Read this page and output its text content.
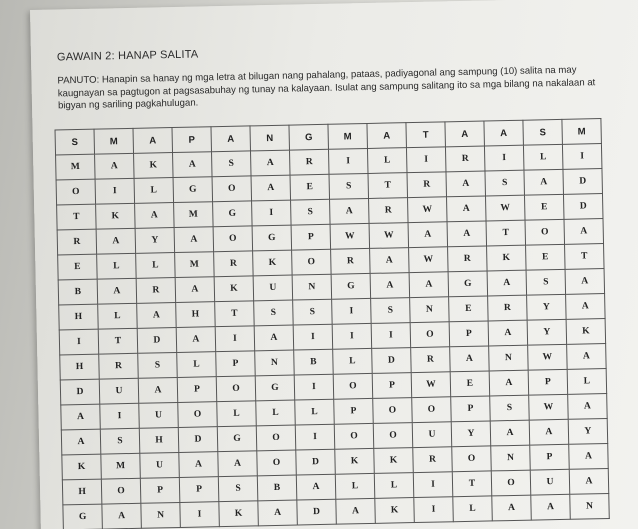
GAWAIN 2: HANAP SALITA

PANUTO: Hanapin sa hanay ng mga letra at bilugan nang pahalang, pataas, padiyagonal ang sampung (10) salita na may kaugnayan sa pagtugon at pagsasabuhay ng tunay na kalayaan. Isulat ang sampung salitang ito sa mga bilang na nakalaan at bigyan ng sariling pagkahulugan.

S	M	A	P	A	N	G	M	A	T	A	A	S	M
M	A	K	A	S	A	R	I	L	I	R	I	L	I
O	I	L	G	O	A	E	S	T	R	A	S	A	D
T	K	A	M	G	I	S	A	R	W	A	W	E	D
R	A	Y	A	O	G	P	W	W	A	A	T	O	A
E	L	L	M	R	K	O	R	A	W	R	K	E	T
B	A	R	A	K	U	N	G	A	A	G	A	S	A
H	L	A	H	T	S	S	I	S	N	E	R	Y	A
I	T	D	A	I	A	I	I	I	O	P	A	Y	K
H	R	S	L	P	N	B	L	D	R	A	N	W	A
D	U	A	P	O	G	I	O	P	W	E	A	P	L
A	I	U	O	L	L	L	P	O	O	P	S	W	A
A	S	H	D	G	O	I	O	O	U	Y	A	A	Y
K	M	U	A	A	O	D	K	K	R	O	N	P	A
H	O	P	P	S	B	A	L	L	I	T	O	U	A
G	A	N	I	K	A	D	A	K	I	L	A	A	N
